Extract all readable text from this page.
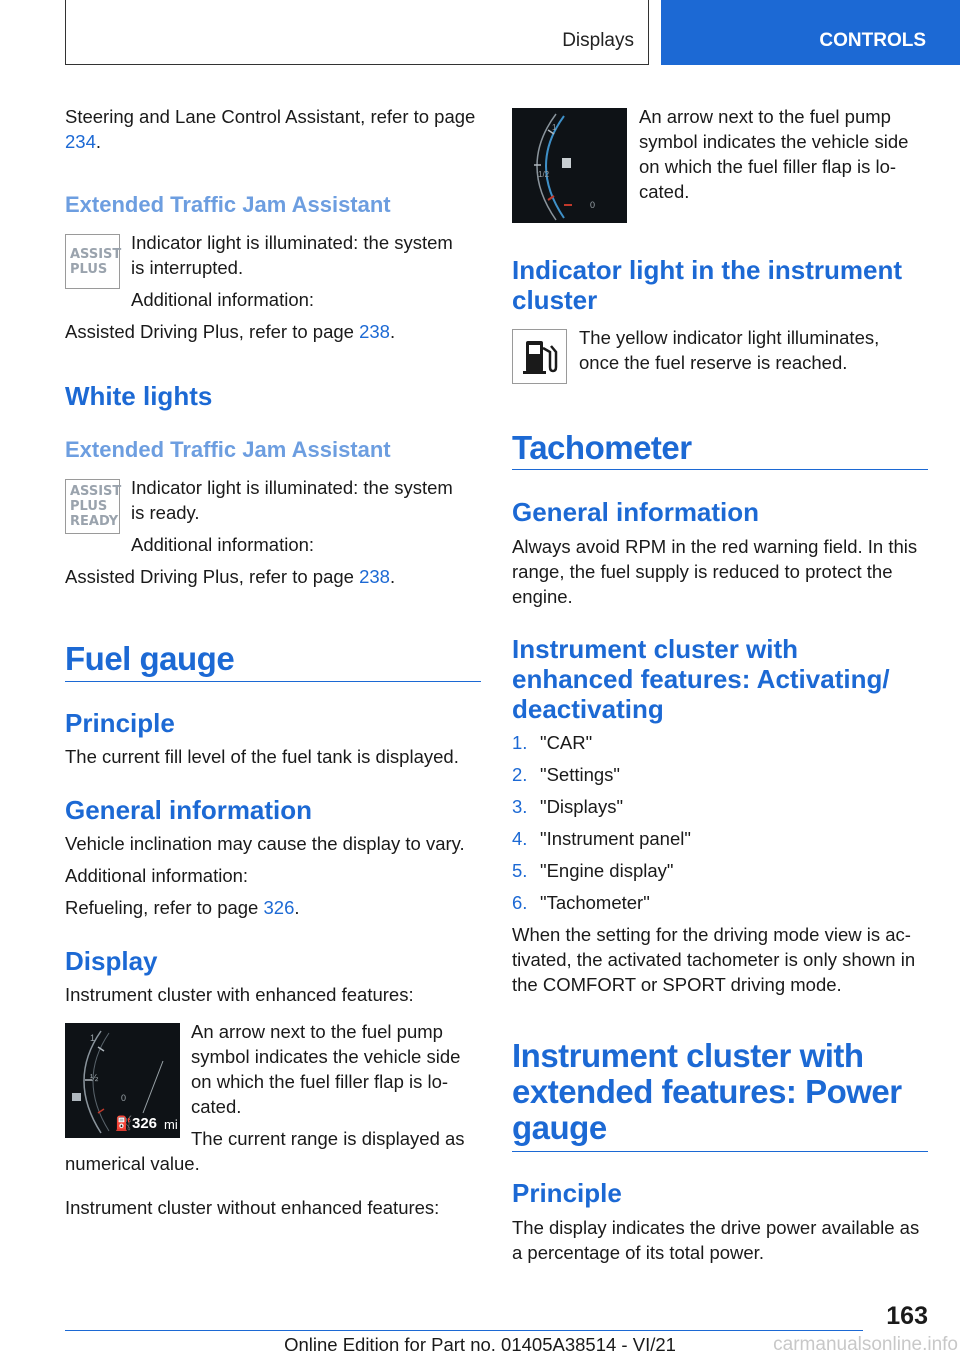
Displays	CONTROLS
Steering and Lane Control Assistant, refer to page 234.
Extended Traffic Jam Assistant
ASSIST PLUS
Indicator light is illuminated: the system
is interrupted.
Additional information:
Assisted Driving Plus, refer to page 238.
White lights
Extended Traffic Jam Assistant
ASSIST PLUS READY
Indicator light is illuminated: the system
is ready.
Additional information:
Assisted Driving Plus, refer to page 238.
Fuel gauge
Principle
The current fill level of the fuel tank is displayed.
General information
Vehicle inclination may cause the display to vary.
Additional information:
Refueling, refer to page 326.
Display
Instrument cluster with enhanced features:
1
½
0
⛽ 326 mi
An arrow next to the fuel pump
symbol indicates the vehicle side
on which the fuel filler flap is lo-
cated.
The current range is displayed as
numerical value.
Instrument cluster without enhanced features:
1
1/2
0
An arrow next to the fuel pump
symbol indicates the vehicle side
on which the fuel filler flap is lo-
cated.
Indicator light in the instrument
cluster
The yellow indicator light illuminates,
once the fuel reserve is reached.
Tachometer
General information
Always avoid RPM in the red warning field. In this
range, the fuel supply is reduced to protect the
engine.
Instrument cluster with
enhanced features: Activating/
deactivating
1. "CAR"
2. "Settings"
3. "Displays"
4. "Instrument panel"
5. "Engine display"
6. "Tachometer"
When the setting for the driving mode view is ac-
tivated, the activated tachometer is only shown in
the COMFORT or SPORT driving mode.
Instrument cluster with
extended features: Power
gauge
Principle
The display indicates the drive power available as
a percentage of its total power.
163
Online Edition for Part no. 01405A38514 - VI/21	carmanualsonline.info
